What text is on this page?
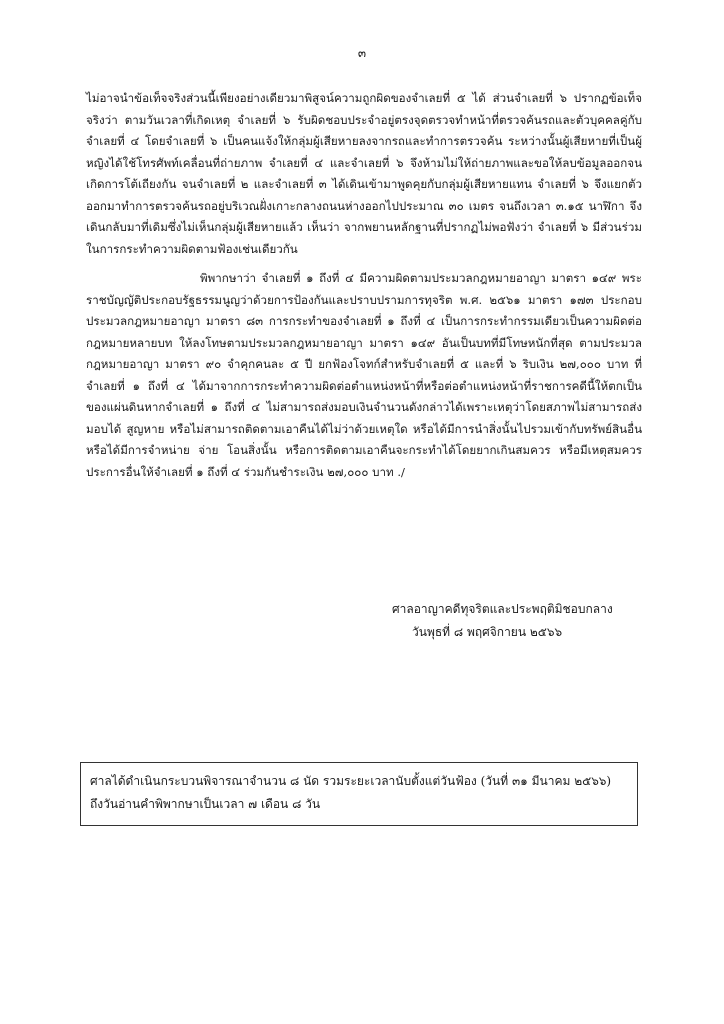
๓

ไม่อาจนำข้อเท็จจริงส่วนนี้เพียงอย่างเดียวมาพิสูจน์ความถูกผิดของจำเลยที่ ๕ ได้ ส่วนจำเลยที่ ๖ ปรากฏข้อเท็จจริงว่า ตามวันเวลาที่เกิดเหตุ จำเลยที่ ๖ รับผิดชอบประจำอยู่ตรงจุดตรวจทำหน้าที่ตรวจค้นรถและตัวบุคคลคู่กับจำเลยที่ ๔ โดยจำเลยที่ ๖ เป็นคนแจ้งให้กลุ่มผู้เสียหายลงจากรถและทำการตรวจค้น ระหว่างนั้นผู้เสียหายที่เป็นผู้หญิงได้ใช้โทรศัพท์เคลื่อนที่ถ่ายภาพ จำเลยที่ ๔ และจำเลยที่ ๖ จึงห้ามไม่ให้ถ่ายภาพและขอให้ลบข้อมูลออกจนเกิดการโต้เถียงกัน จนจำเลยที่ ๒ และจำเลยที่ ๓ ได้เดินเข้ามาพูดคุยกับกลุ่มผู้เสียหายแทน จำเลยที่ ๖ จึงแยกตัวออกมาทำการตรวจค้นรถอยู่บริเวณฝั่งเกาะกลางถนนห่างออกไปประมาณ ๓๐ เมตร จนถึงเวลา ๓.๑๕ นาฬิกา จึงเดินกลับมาที่เดิมซึ่งไม่เห็นกลุ่มผู้เสียหายแล้ว เห็นว่า จากพยานหลักฐานที่ปรากฏไม่พอฟังว่า จำเลยที่ ๖ มีส่วนร่วมในการกระทำความผิดตามฟ้องเช่นเดียวกัน

พิพากษาว่า จำเลยที่ ๑ ถึงที่ ๔ มีความผิดตามประมวลกฎหมายอาญา มาตรา ๑๔๙ พระราชบัญญัติประกอบรัฐธรรมนูญว่าด้วยการป้องกันและปราบปรามการทุจริต พ.ศ. ๒๕๖๑ มาตรา ๑๗๓ ประกอบประมวลกฎหมายอาญา มาตรา ๘๓ การกระทำของจำเลยที่ ๑ ถึงที่ ๔ เป็นการกระทำกรรมเดียวเป็นความผิดต่อกฎหมายหลายบท ให้ลงโทษตามประมวลกฎหมายอาญา มาตรา ๑๔๙ อันเป็นบทที่มีโทษหนักที่สุด ตามประมวลกฎหมายอาญา มาตรา ๙๐ จำคุกคนละ ๕ ปี ยกฟ้องโจทก์สำหรับจำเลยที่ ๕ และที่ ๖ ริบเงิน ๒๗,๐๐๐ บาท ที่จำเลยที่ ๑ ถึงที่ ๔ ได้มาจากการกระทำความผิดต่อตำแหน่งหน้าที่หรือต่อตำแหน่งหน้าที่ราชการคดีนี้ให้ตกเป็นของแผ่นดินหากจำเลยที่ ๑ ถึงที่ ๔ ไม่สามารถส่งมอบเงินจำนวนดังกล่าวได้เพราะเหตุว่าโดยสภาพไม่สามารถส่งมอบได้ สูญหาย หรือไม่สามารถติดตามเอาคืนได้ไม่ว่าด้วยเหตุใด หรือได้มีการนำสิ่งนั้นไปรวมเข้ากับทรัพย์สินอื่น หรือได้มีการจำหน่าย จ่าย โอนสิ่งนั้น หรือการติดตามเอาคืนจะกระทำได้โดยยากเกินสมควร หรือมีเหตุสมควรประการอื่นให้จำเลยที่ ๑ ถึงที่ ๔ ร่วมกันชำระเงิน ๒๗,๐๐๐ บาท ./

ศาลอาญาคดีทุจริตและประพฤติมิชอบกลาง
วันพุธที่ ๘ พฤศจิกายน ๒๕๖๖

ศาลได้ดำเนินกระบวนพิจารณาจำนวน ๘ นัด รวมระยะเวลานับตั้งแต่วันฟ้อง (วันที่ ๓๑ มีนาคม ๒๕๖๖) ถึงวันอ่านคำพิพากษาเป็นเวลา ๗ เดือน ๘ วัน
